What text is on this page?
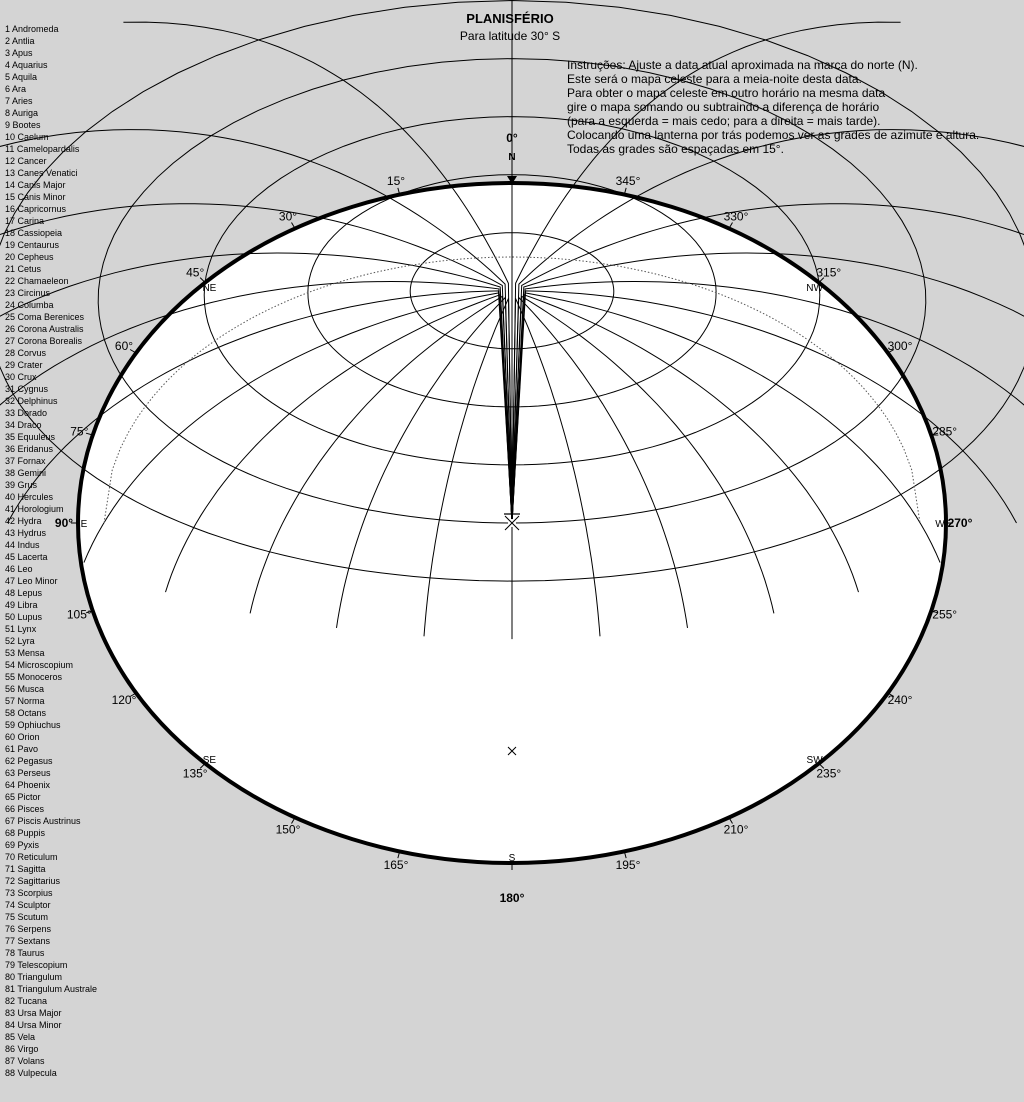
1 Andromeda
2 Antlia
3 Apus
4 Aquarius
5 Aquila
6 Ara
7 Aries
8 Auriga
9 Bootes
10 Caelum
11 Camelopardalis
12 Cancer
13 Canes Venatici
14 Canis Major
15 Canis Minor
16 Capricornus
17 Carina
18 Cassiopeia
19 Centaurus
20 Cepheus
21 Cetus
22 Chamaeleon
23 Circinus
24 Columba
25 Coma Berenices
26 Corona Australis
27 Corona Borealis
28 Corvus
29 Crater
30 Crux
31 Cygnus
32 Delphinus
33 Dorado
34 Draco
35 Equuleus
36 Eridanus
37 Fornax
38 Gemini
39 Grus
40 Hercules
41 Horologium
42 Hydra
43 Hydrus
44 Indus
45 Lacerta
46 Leo
47 Leo Minor
48 Lepus
49 Libra
50 Lupus
51 Lynx
52 Lyra
53 Mensa
54 Microscopium
55 Monoceros
56 Musca
57 Norma
58 Octans
59 Ophiuchus
60 Orion
61 Pavo
62 Pegasus
63 Perseus
64 Phoenix
65 Pictor
66 Pisces
67 Piscis Austrinus
68 Puppis
69 Pyxis
70 Reticulum
71 Sagitta
72 Sagittarius
73 Scorpius
74 Sculptor
75 Scutum
76 Serpens
77 Sextans
78 Taurus
79 Telescopium
80 Triangulum
81 Triangulum Australe
82 Tucana
83 Ursa Major
84 Ursa Minor
85 Vela
86 Virgo
87 Volans
88 Vulpecula
PLANISFÉRIO
Para latitude 30° S
Instruções: Ajuste a data atual aproximada na marca do norte (N).
Este será o mapa celeste para a meia-noite desta data.
Para obter o mapa celeste em outro horário na mesma data
gire o mapa somando ou subtraindo a diferença de horário
(para a esquerda = mais cedo; para a direita = mais tarde).
Colocando uma lanterna por trás podemos ver as grades de azimute e altura.
Todas as grades são espaçadas em 15°.
0°
15°
30°
45°
60°
75°
90°
105°
120°
135°
150°
165°
180°
195°
210°
235°
240°
255°
270°
285°
300°
315°
330°
345°
N
NE
E
SE
S
SW
W
NW
